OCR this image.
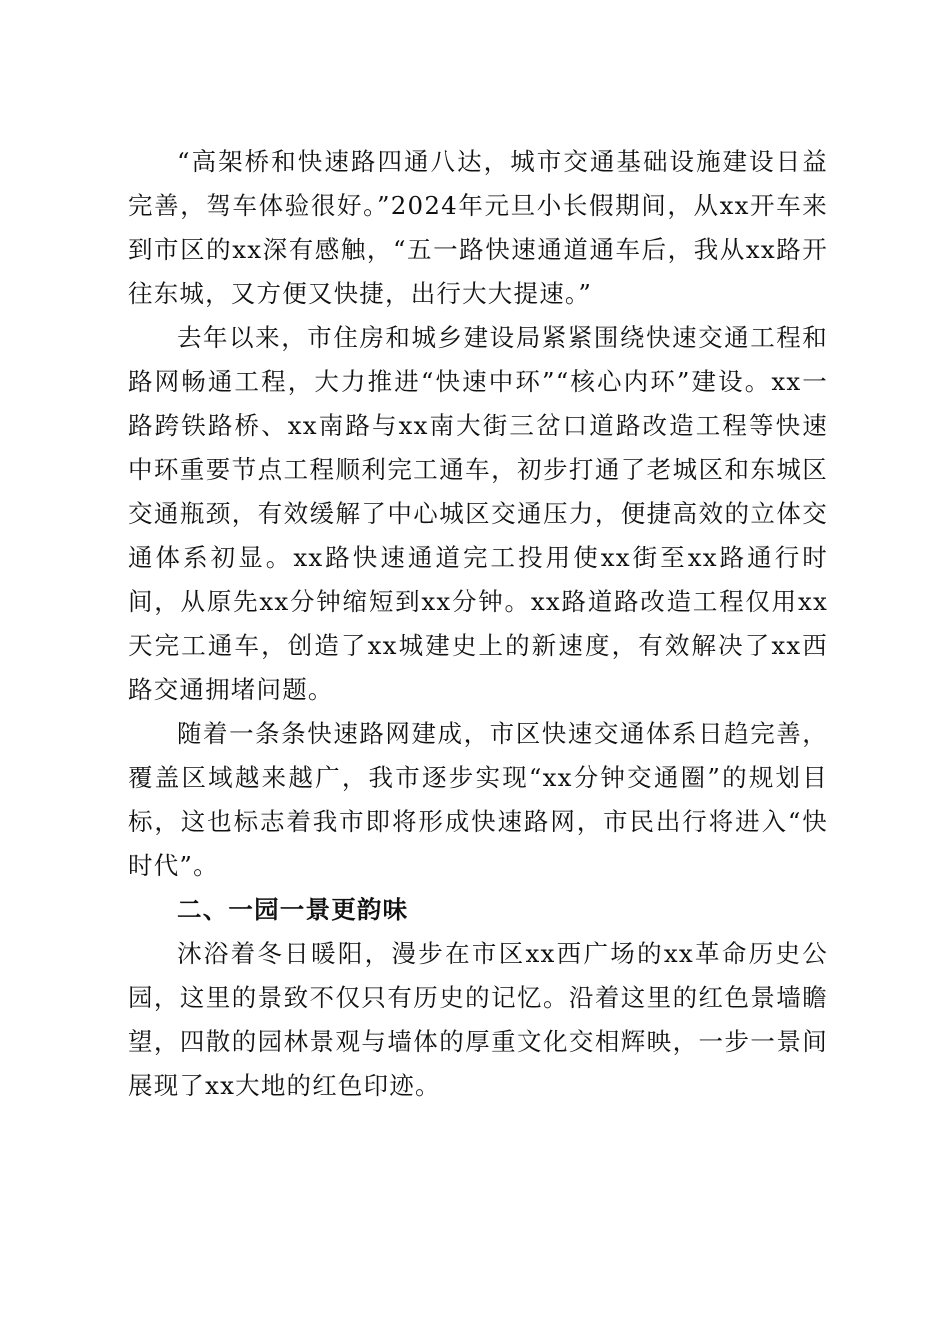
“高架桥和快速路四通八达，城市交通基础设施建设日益完善，驾车体验很好。”2024年元旦小长假期间，从xx开车来到市区的xx深有感触，“五一路快速通道通车后，我从xx路开往东城，又方便又快捷，出行大大提速。”

去年以来，市住房和城乡建设局紧紧围绕快速交通工程和路网畅通工程，大力推进“快速中环”“核心内环”建设。xx一路跨铁路桥、xx南路与xx南大街三岔口道路改造工程等快速中环重要节点工程顺利完工通车，初步打通了老城区和东城区交通瓶颈，有效缓解了中心城区交通压力，便捷高效的立体交通体系初显。xx路快速通道完工投用使xx街至xx路通行时间，从原先xx分钟缩短到xx分钟。xx路道路改造工程仅用xx天完工通车，创造了xx城建史上的新速度，有效解决了xx西路交通拥堵问题。

随着一条条快速路网建成，市区快速交通体系日趋完善，覆盖区域越来越广，我市逐步实现“xx分钟交通圈”的规划目标，这也标志着我市即将形成快速路网，市民出行将进入“快时代”。

二、一园一景更韵味

沐浴着冬日暖阳，漫步在市区xx西广场的xx革命历史公园，这里的景致不仅只有历史的记忆。沿着这里的红色景墙瞻望，四散的园林景观与墙体的厚重文化交相辉映，一步一景间展现了xx大地的红色印迹。
